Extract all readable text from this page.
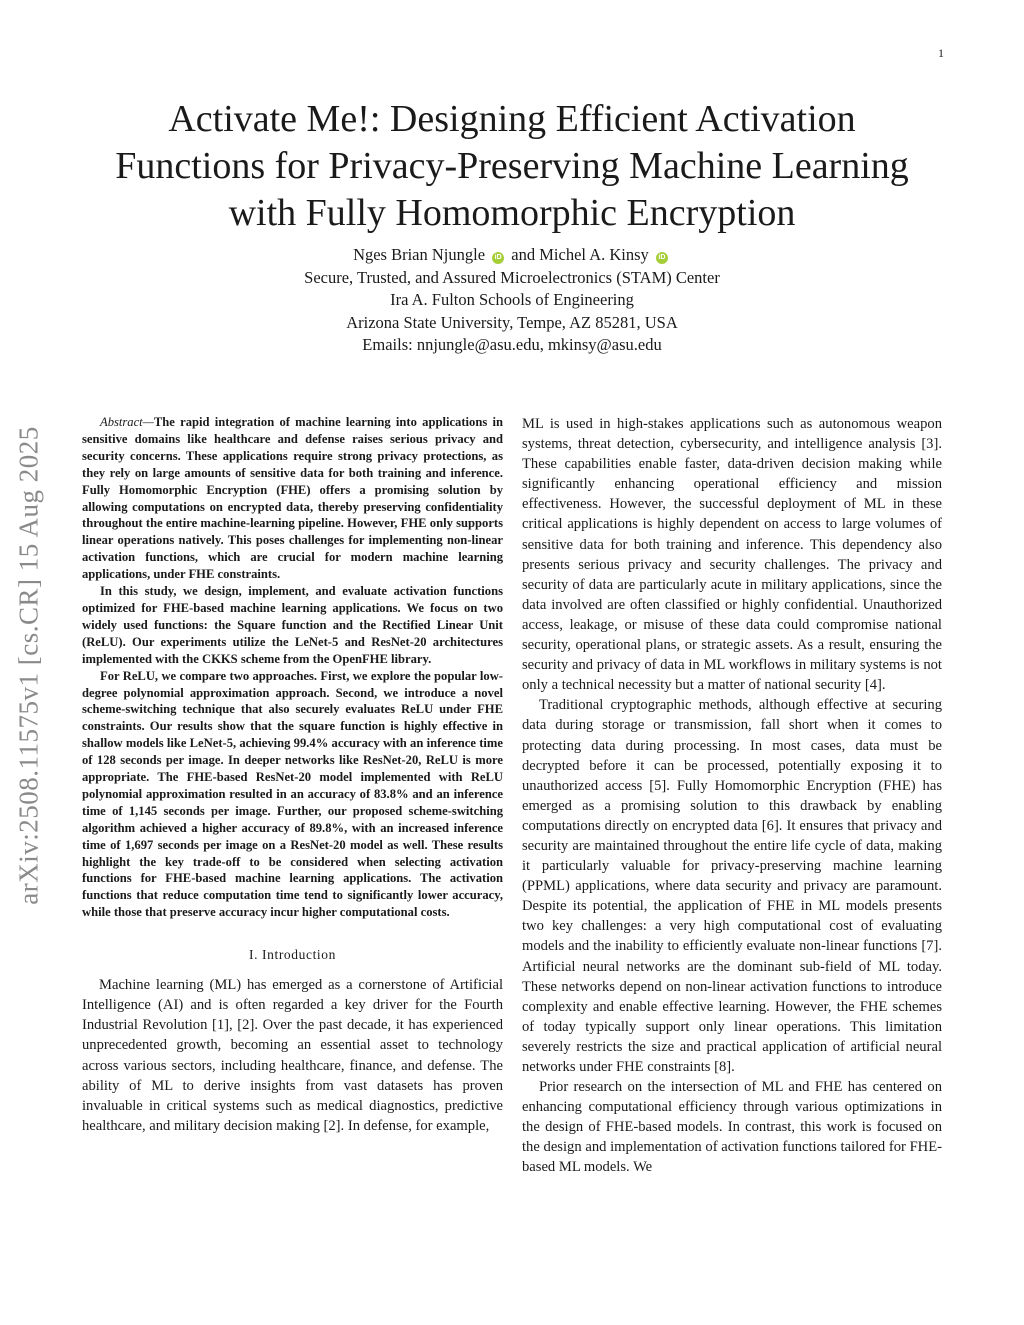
1
arXiv:2508.11575v1 [cs.CR] 15 Aug 2025
Activate Me!: Designing Efficient Activation
Functions for Privacy-Preserving Machine Learning
with Fully Homomorphic Encryption
Nges Brian Njungle iD and Michel A. Kinsy iD
Secure, Trusted, and Assured Microelectronics (STAM) Center
Ira A. Fulton Schools of Engineering
Arizona State University, Tempe, AZ 85281, USA
Emails: nnjungle@asu.edu, mkinsy@asu.edu

Abstract—The rapid integration of machine learning into applications in sensitive domains like healthcare and defense raises serious privacy and security concerns. These applications require strong privacy protections, as they rely on large amounts of sensitive data for both training and inference. Fully Homomorphic Encryption (FHE) offers a promising solution by allowing computations on encrypted data, thereby preserving confidentiality throughout the entire machine-learning pipeline. However, FHE only supports linear operations natively. This poses challenges for implementing non-linear activation functions, which are crucial for modern machine learning applications, under FHE constraints.

In this study, we design, implement, and evaluate activation functions optimized for FHE-based machine learning applications. We focus on two widely used functions: the Square function and the Rectified Linear Unit (ReLU). Our experiments utilize the LeNet-5 and ResNet-20 architectures implemented with the CKKS scheme from the OpenFHE library.

For ReLU, we compare two approaches. First, we explore the popular low-degree polynomial approximation approach. Second, we introduce a novel scheme-switching technique that also securely evaluates ReLU under FHE constraints. Our results show that the square function is highly effective in shallow models like LeNet-5, achieving 99.4% accuracy with an inference time of 128 seconds per image. In deeper networks like ResNet-20, ReLU is more appropriate. The FHE-based ResNet-20 model implemented with ReLU polynomial approximation resulted in an accuracy of 83.8% and an inference time of 1,145 seconds per image. Further, our proposed scheme-switching algorithm achieved a higher accuracy of 89.8%, with an increased inference time of 1,697 seconds per image on a ResNet-20 model as well. These results highlight the key trade-off to be considered when selecting activation functions for FHE-based machine learning applications. The activation functions that reduce computation time tend to significantly lower accuracy, while those that preserve accuracy incur higher computational costs.

I. Introduction

Machine learning (ML) has emerged as a cornerstone of Artificial Intelligence (AI) and is often regarded a key driver for the Fourth Industrial Revolution [1], [2]. Over the past decade, it has experienced unprecedented growth, becoming an essential asset to technology across various sectors, including healthcare, finance, and defense. The ability of ML to derive insights from vast datasets has proven invaluable in critical systems such as medical diagnostics, predictive healthcare, and military decision making [2]. In defense, for example,

ML is used in high-stakes applications such as autonomous weapon systems, threat detection, cybersecurity, and intelligence analysis [3]. These capabilities enable faster, data-driven decision making while significantly enhancing operational efficiency and mission effectiveness. However, the successful deployment of ML in these critical applications is highly dependent on access to large volumes of sensitive data for both training and inference. This dependency also presents serious privacy and security challenges. The privacy and security of data are particularly acute in military applications, since the data involved are often classified or highly confidential. Unauthorized access, leakage, or misuse of these data could compromise national security, operational plans, or strategic assets. As a result, ensuring the security and privacy of data in ML workflows in military systems is not only a technical necessity but a matter of national security [4].

Traditional cryptographic methods, although effective at securing data during storage or transmission, fall short when it comes to protecting data during processing. In most cases, data must be decrypted before it can be processed, potentially exposing it to unauthorized access [5]. Fully Homomorphic Encryption (FHE) has emerged as a promising solution to this drawback by enabling computations directly on encrypted data [6]. It ensures that privacy and security are maintained throughout the entire life cycle of data, making it particularly valuable for privacy-preserving machine learning (PPML) applications, where data security and privacy are paramount. Despite its potential, the application of FHE in ML models presents two key challenges: a very high computational cost of evaluating models and the inability to efficiently evaluate non-linear functions [7]. Artificial neural networks are the dominant sub-field of ML today. These networks depend on non-linear activation functions to introduce complexity and enable effective learning. However, the FHE schemes of today typically support only linear operations. This limitation severely restricts the size and practical application of artificial neural networks under FHE constraints [8].

Prior research on the intersection of ML and FHE has centered on enhancing computational efficiency through various optimizations in the design of FHE-based models. In contrast, this work is focused on the design and implementation of activation functions tailored for FHE-based ML models. We
